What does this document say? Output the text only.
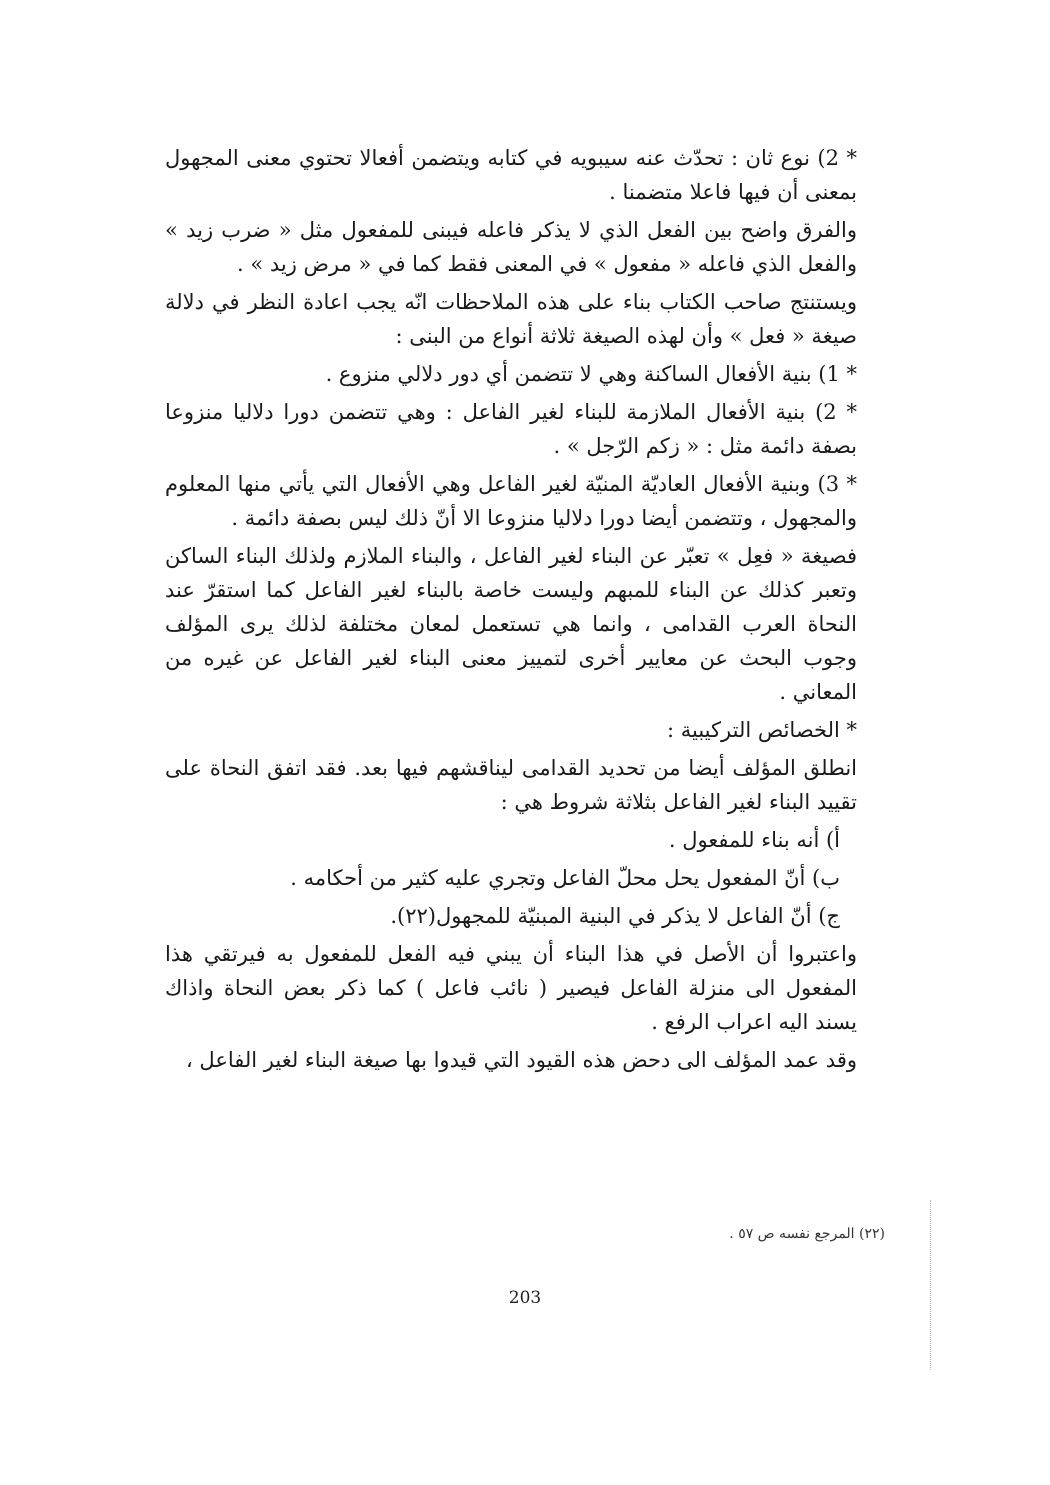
* 2) نوع ثان : تحدّث عنه سيبويه في كتابه ويتضمن أفعالا تحتوي معنى المجهول بمعنى أن فيها فاعلا متضمنا .

والفرق واضح بين الفعل الذي لا يذكر فاعله فيبنى للمفعول مثل « ضرب زيد » والفعل الذي فاعله « مفعول » في المعنى فقط كما في « مرض زيد » .

ويستنتج صاحب الكتاب بناء على هذه الملاحظات انّه يجب اعادة النظر في دلالة صيغة « فعل » وأن لهذه الصيغة ثلاثة أنواع من البنى :

* 1) بنية الأفعال الساكنة وهي لا تتضمن أي دور دلالي منزوع .

* 2) بنية الأفعال الملازمة للبناء لغير الفاعل : وهي تتضمن دورا دلاليا منزوعا بصفة دائمة مثل : « زكم الرّجل » .

* 3) وبنية الأفعال العاديّة المنيّة لغير الفاعل وهي الأفعال التي يأتي منها المعلوم والمجهول ، وتتضمن أيضا دورا دلاليا منزوعا الا أنّ ذلك ليس بصفة دائمة .

فصيغة « فعِل » تعبّر عن البناء لغير الفاعل ، والبناء الملازم ولذلك البناء الساكن وتعبر كذلك عن البناء للمبهم وليست خاصة بالبناء لغير الفاعل كما استقرّ عند النحاة العرب القدامى ، وانما هي تستعمل لمعان مختلفة لذلك يرى المؤلف وجوب البحث عن معايير أخرى لتمييز معنى البناء لغير الفاعل عن غيره من المعاني .

* الخصائص التركيبية :

انطلق المؤلف أيضا من تحديد القدامى ليناقشهم فيها بعد. فقد اتفق النحاة على تقييد البناء لغير الفاعل بثلاثة شروط هي :

أ) أنه بناء للمفعول .

ب) أنّ المفعول يحل محلّ الفاعل وتجري عليه كثير من أحكامه .

ج) أنّ الفاعل لا يذكر في البنية المبنيّة للمجهول(٢٢).

واعتبروا أن الأصل في هذا البناء أن يبني فيه الفعل للمفعول به فيرتقي هذا المفعول الى منزلة الفاعل فيصير ( نائب فاعل ) كما ذكر بعض النحاة واذاك يسند اليه اعراب الرفع .

وقد عمد المؤلف الى دحض هذه القيود التي قيدوا بها صيغة البناء لغير الفاعل ،

(٢٢) المرجع نفسه ص ٥٧ .
203
